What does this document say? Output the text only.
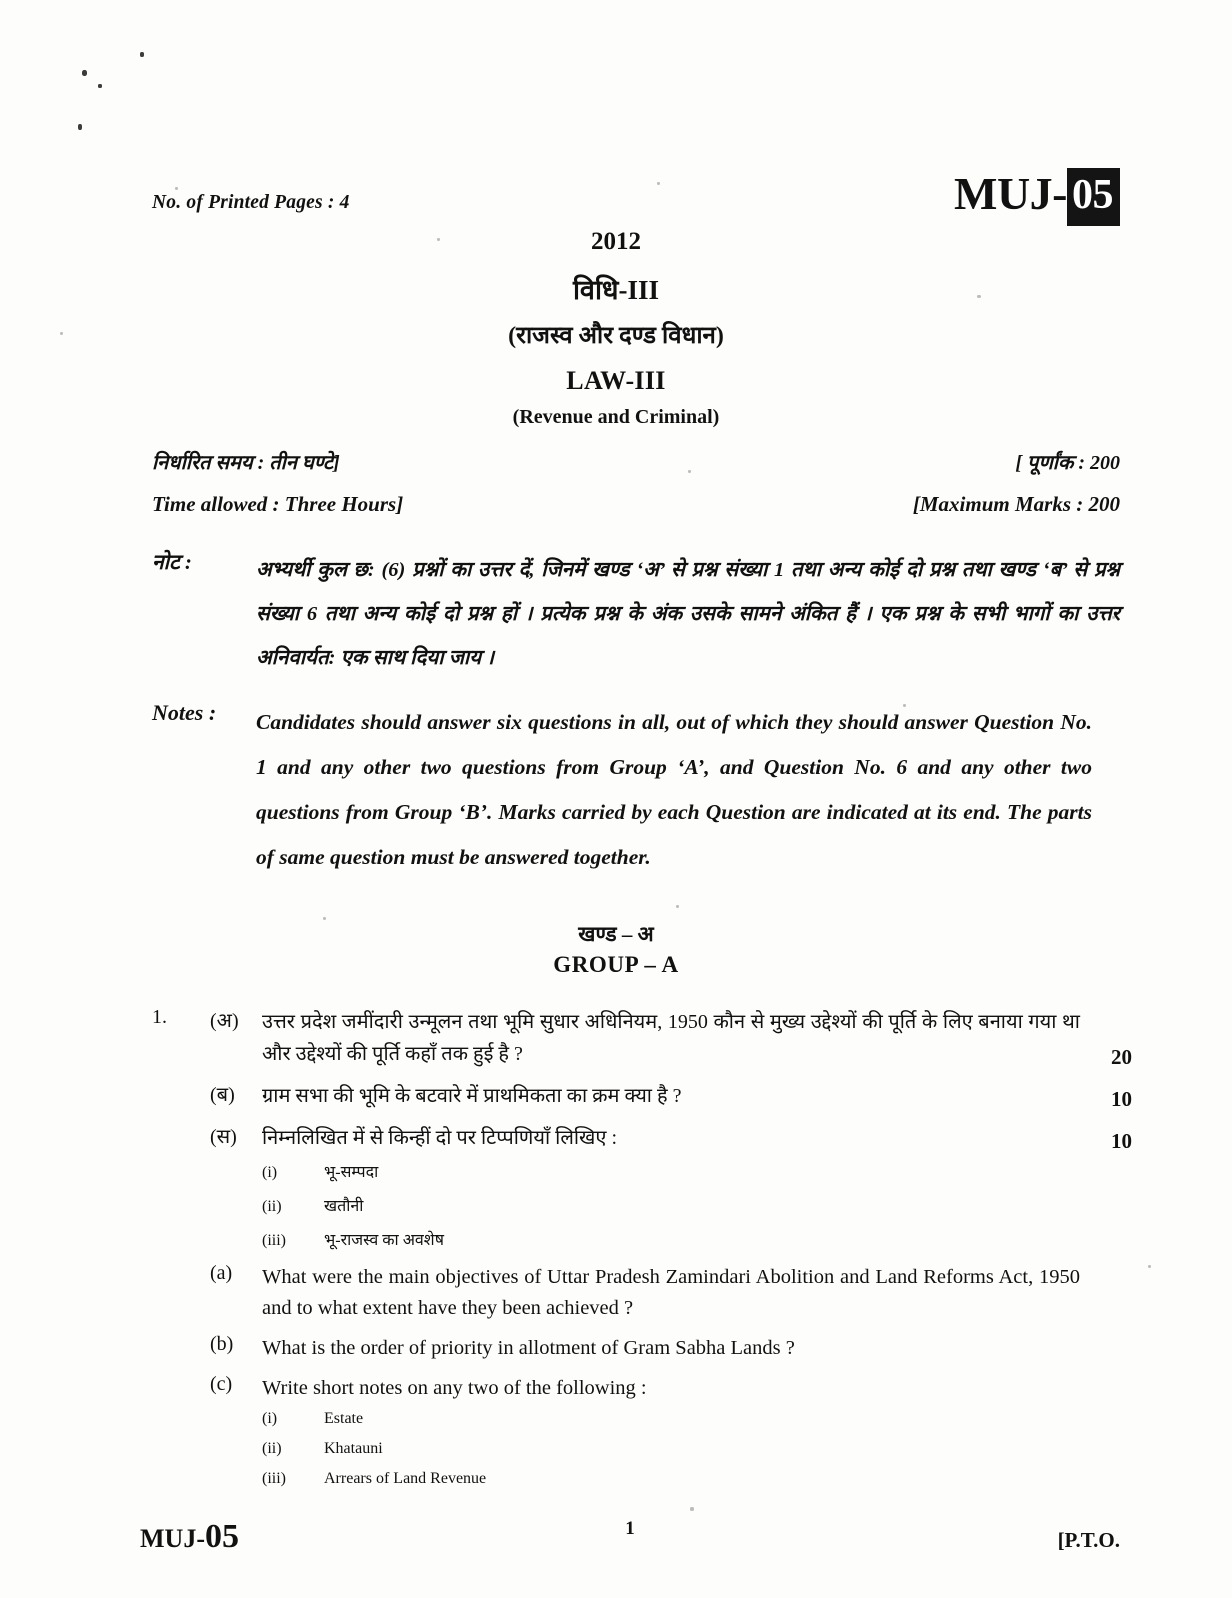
No. of Printed Pages : 4	MUJ- 05
2012
विधि-III
(राजस्व और दण्ड विधान)
LAW-III
(Revenue and Criminal)
निर्धारित समय : तीन घण्टे]	[ पूर्णांक : 200
Time allowed : Three Hours]	[Maximum Marks : 200
नोट :	अभ्यर्थी कुल छ: (6) प्रश्नों का उत्तर दें, जिनमें खण्ड ‘अ’ से प्रश्न संख्या 1 तथा अन्य कोई दो प्रश्न तथा खण्ड ‘ब’ से प्रश्न संख्या 6 तथा अन्य कोई दो प्रश्न हों । प्रत्येक प्रश्न के अंक उसके सामने अंकित हैं । एक प्रश्न के सभी भागों का उत्तर अनिवार्यत: एक साथ दिया जाय ।
Notes :	Candidates should answer six questions in all, out of which they should answer Question No. 1 and any other two questions from Group ‘A’, and Question No. 6 and any other two questions from Group ‘B’. Marks carried by each Question are indicated at its end. The parts of same question must be answered together.
खण्ड – अ
GROUP – A
1.	(अ)	उत्तर प्रदेश जमींदारी उन्मूलन तथा भूमि सुधार अधिनियम, 1950 कौन से मुख्य उद्देश्यों की पूर्ति के लिए बनाया गया था और उद्देश्यों की पूर्ति कहाँ तक हुई है ?	20
(ब)	ग्राम सभा की भूमि के बटवारे में प्राथमिकता का क्रम क्या है ?	10
(स)	निम्नलिखित में से किन्हीं दो पर टिप्पणियाँ लिखिए :	10
(i)	भू-सम्पदा
(ii)	खतौनी
(iii)	भू-राजस्व का अवशेष
(a)	What were the main objectives of Uttar Pradesh Zamindari Abolition and Land Reforms Act, 1950 and to what extent have they been achieved ?
(b)	What is the order of priority in allotment of Gram Sabha Lands ?
(c)	Write short notes on any two of the following :
(i)	Estate
(ii)	Khatauni
(iii)	Arrears of Land Revenue
MUJ- 05	1	[P.T.O.
